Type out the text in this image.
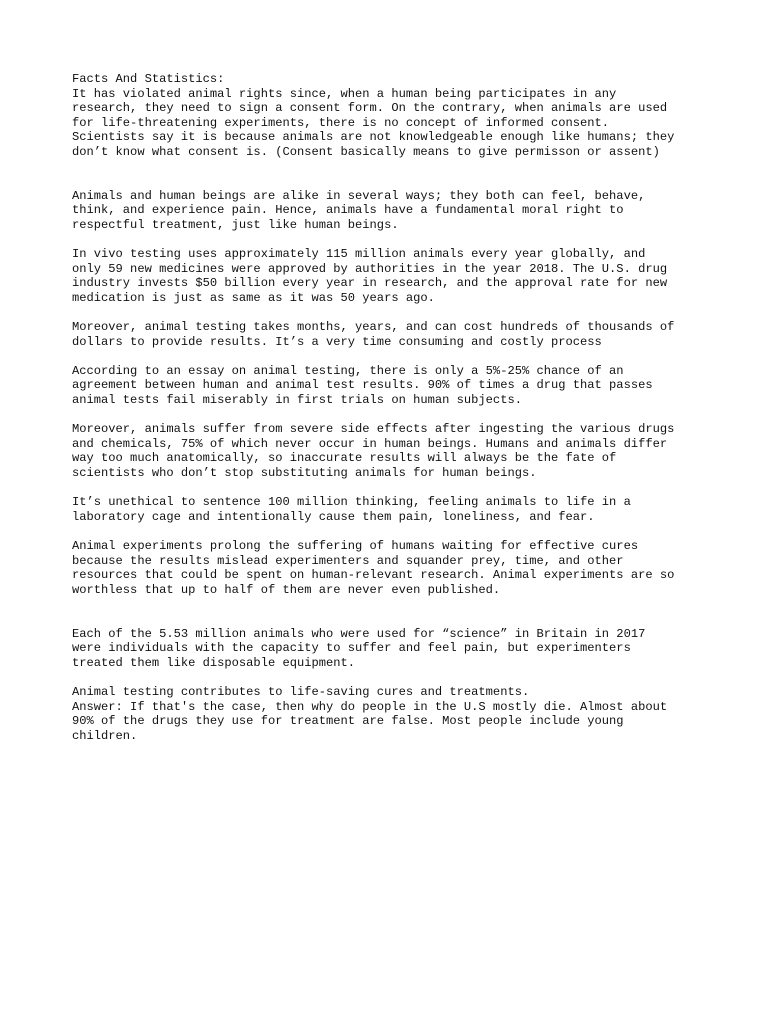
Facts And Statistics:
It has violated animal rights since, when a human being participates in any
research, they need to sign a consent form. On the contrary, when animals are used
for life-threatening experiments, there is no concept of informed consent.
Scientists say it is because animals are not knowledgeable enough like humans; they
don’t know what consent is. (Consent basically means to give permisson or assent)
Animals and human beings are alike in several ways; they both can feel, behave,
think, and experience pain. Hence, animals have a fundamental moral right to
respectful treatment, just like human beings.
In vivo testing uses approximately 115 million animals every year globally, and
only 59 new medicines were approved by authorities in the year 2018. The U.S. drug
industry invests $50 billion every year in research, and the approval rate for new
medication is just as same as it was 50 years ago.
Moreover, animal testing takes months, years, and can cost hundreds of thousands of
dollars to provide results. It’s a very time consuming and costly process
According to an essay on animal testing, there is only a 5%-25% chance of an
agreement between human and animal test results. 90% of times a drug that passes
animal tests fail miserably in first trials on human subjects.
Moreover, animals suffer from severe side effects after ingesting the various drugs
and chemicals, 75% of which never occur in human beings. Humans and animals differ
way too much anatomically, so inaccurate results will always be the fate of
scientists who don’t stop substituting animals for human beings.
It’s unethical to sentence 100 million thinking, feeling animals to life in a
laboratory cage and intentionally cause them pain, loneliness, and fear.
Animal experiments prolong the suffering of humans waiting for effective cures
because the results mislead experimenters and squander prey, time, and other
resources that could be spent on human-relevant research. Animal experiments are so
worthless that up to half of them are never even published.
Each of the 5.53 million animals who were used for “science” in Britain in 2017
were individuals with the capacity to suffer and feel pain, but experimenters
treated them like disposable equipment.
Animal testing contributes to life-saving cures and treatments.
Answer: If that's the case, then why do people in the U.S mostly die. Almost about
90% of the drugs they use for treatment are false. Most people include young
children.
